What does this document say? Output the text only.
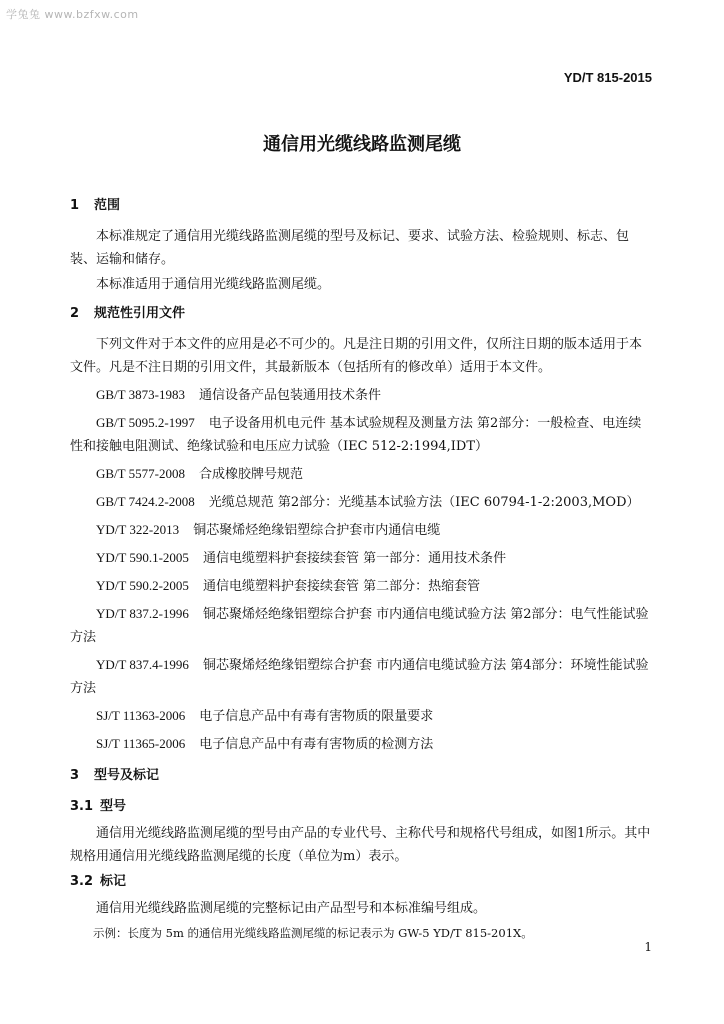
学兔兔 www.bzfxw.com
YD/T 815-2015
通信用光缆线路监测尾缆
1 范围

本标准规定了通信用光缆线路监测尾缆的型号及标记、要求、试验方法、检验规则、标志、包装、运输和储存。

本标准适用于通信用光缆线路监测尾缆。

2 规范性引用文件

下列文件对于本文件的应用是必不可少的。凡是注日期的引用文件，仅所注日期的版本适用于本文件。凡是不注日期的引用文件，其最新版本（包括所有的修改单）适用于本文件。

GB/T 3873-1983 通信设备产品包装通用技术条件
GB/T 5095.2-1997 电子设备用机电元件 基本试验规程及测量方法 第2部分：一般检查、电连续性和接触电阻测试、绝缘试验和电压应力试验（IEC 512-2:1994,IDT）
GB/T 5577-2008 合成橡胶牌号规范
GB/T 7424.2-2008 光缆总规范 第2部分：光缆基本试验方法（IEC 60794-1-2:2003,MOD）
YD/T 322-2013 铜芯聚烯烃绝缘铝塑综合护套市内通信电缆
YD/T 590.1-2005 通信电缆塑料护套接续套管 第一部分：通用技术条件
YD/T 590.2-2005 通信电缆塑料护套接续套管 第二部分：热缩套管
YD/T 837.2-1996 铜芯聚烯烃绝缘铝塑综合护套 市内通信电缆试验方法 第2部分：电气性能试验方法
YD/T 837.4-1996 铜芯聚烯烃绝缘铝塑综合护套 市内通信电缆试验方法 第4部分：环境性能试验方法
SJ/T 11363-2006 电子信息产品中有毒有害物质的限量要求
SJ/T 11365-2006 电子信息产品中有毒有害物质的检测方法
3 型号及标记
3.1 型号

通信用光缆线路监测尾缆的型号由产品的专业代号、主称代号和规格代号组成，如图1所示。其中规格用通信用光缆线路监测尾缆的长度（单位为m）表示。

3.2 标记

通信用光缆线路监测尾缆的完整标记由产品型号和本标准编号组成。

示例：长度为 5m 的通信用光缆线路监测尾缆的标记表示为 GW-5 YD/T 815-201X。

1
